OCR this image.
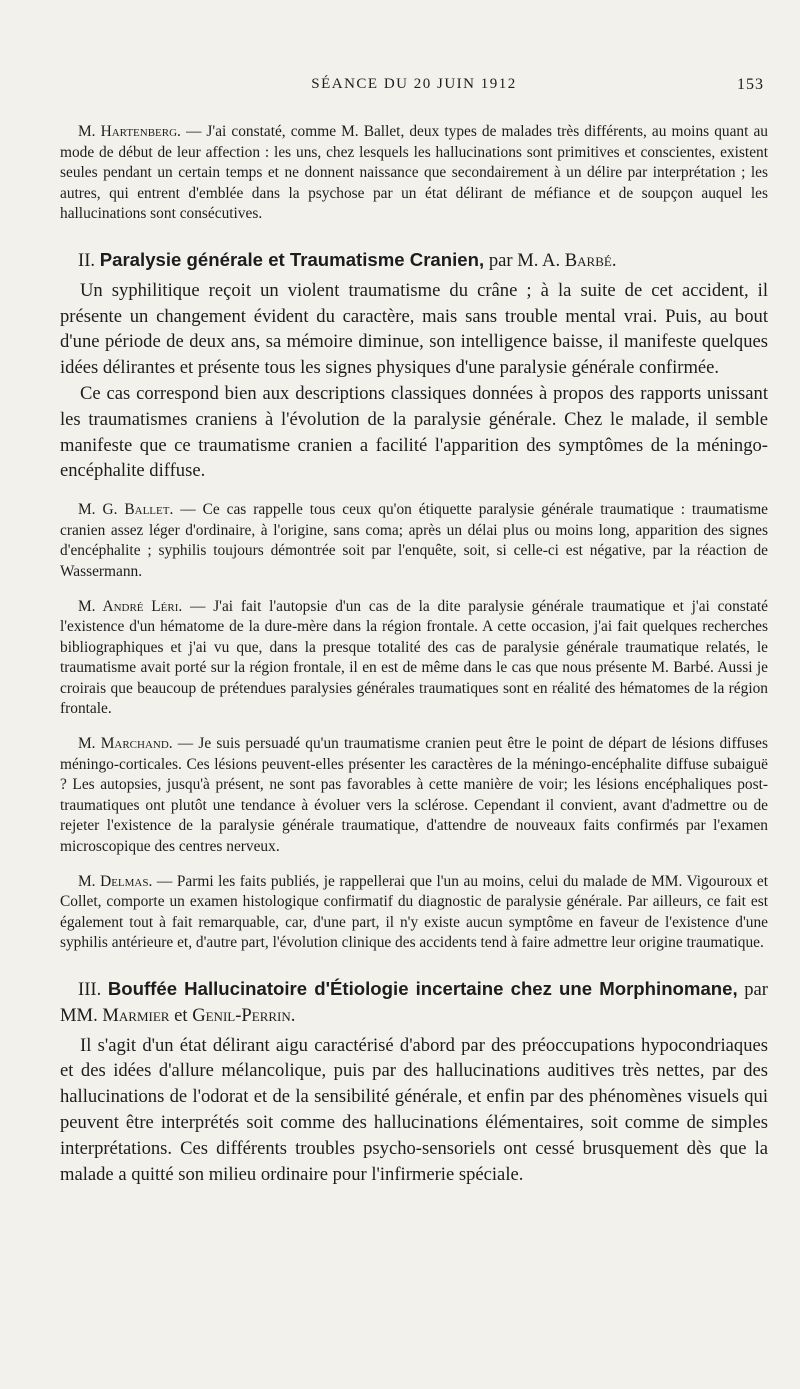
SÉANCE DU 20 JUIN 1912	153

M. Hartenberg. — J'ai constaté, comme M. Ballet, deux types de malades très différents, au moins quant au mode de début de leur affection : les uns, chez lesquels les hallucinations sont primitives et conscientes, existent seules pendant un certain temps et ne donnent naissance que secondairement à un délire par interprétation ; les autres, qui entrent d'emblée dans la psychose par un état délirant de méfiance et de soupçon auquel les hallucinations sont consécutives.

II. Paralysie générale et Traumatisme Cranien, par M. A. Barbé.

Un syphilitique reçoit un violent traumatisme du crâne ; à la suite de cet accident, il présente un changement évident du caractère, mais sans trouble mental vrai. Puis, au bout d'une période de deux ans, sa mémoire diminue, son intelligence baisse, il manifeste quelques idées délirantes et présente tous les signes physiques d'une paralysie générale confirmée.

Ce cas correspond bien aux descriptions classiques données à propos des rapports unissant les traumatismes craniens à l'évolution de la paralysie générale. Chez le malade, il semble manifeste que ce traumatisme cranien a facilité l'apparition des symptômes de la méningo-encéphalite diffuse.

M. G. Ballet. — Ce cas rappelle tous ceux qu'on étiquette paralysie générale traumatique : traumatisme cranien assez léger d'ordinaire, à l'origine, sans coma; après un délai plus ou moins long, apparition des signes d'encéphalite ; syphilis toujours démontrée soit par l'enquête, soit, si celle-ci est négative, par la réaction de Wassermann.

M. André Léri. — J'ai fait l'autopsie d'un cas de la dite paralysie générale traumatique et j'ai constaté l'existence d'un hématome de la dure-mère dans la région frontale. A cette occasion, j'ai fait quelques recherches bibliographiques et j'ai vu que, dans la presque totalité des cas de paralysie générale traumatique relatés, le traumatisme avait porté sur la région frontale, il en est de même dans le cas que nous présente M. Barbé. Aussi je croirais que beaucoup de prétendues paralysies générales traumatiques sont en réalité des hématomes de la région frontale.

M. Marchand. — Je suis persuadé qu'un traumatisme cranien peut être le point de départ de lésions diffuses méningo-corticales. Ces lésions peuvent-elles présenter les caractères de la méningo-encéphalite diffuse subaiguë ? Les autopsies, jusqu'à présent, ne sont pas favorables à cette manière de voir; les lésions encéphaliques post-traumatiques ont plutôt une tendance à évoluer vers la sclérose. Cependant il convient, avant d'admettre ou de rejeter l'existence de la paralysie générale traumatique, d'attendre de nouveaux faits confirmés par l'examen microscopique des centres nerveux.

M. Delmas. — Parmi les faits publiés, je rappellerai que l'un au moins, celui du malade de MM. Vigouroux et Collet, comporte un examen histologique confirmatif du diagnostic de paralysie générale. Par ailleurs, ce fait est également tout à fait remarquable, car, d'une part, il n'y existe aucun symptôme en faveur de l'existence d'une syphilis antérieure et, d'autre part, l'évolution clinique des accidents tend à faire admettre leur origine traumatique.

III. Bouffée Hallucinatoire d'Étiologie incertaine chez une Morphinomane, par MM. Marmier et Genil-Perrin.

Il s'agit d'un état délirant aigu caractérisé d'abord par des préoccupations hypocondriaques et des idées d'allure mélancolique, puis par des hallucinations auditives très nettes, par des hallucinations de l'odorat et de la sensibilité générale, et enfin par des phénomènes visuels qui peuvent être interprétés soit comme des hallucinations élémentaires, soit comme de simples interprétations. Ces différents troubles psycho-sensoriels ont cessé brusquement dès que la malade a quitté son milieu ordinaire pour l'infirmerie spéciale.
